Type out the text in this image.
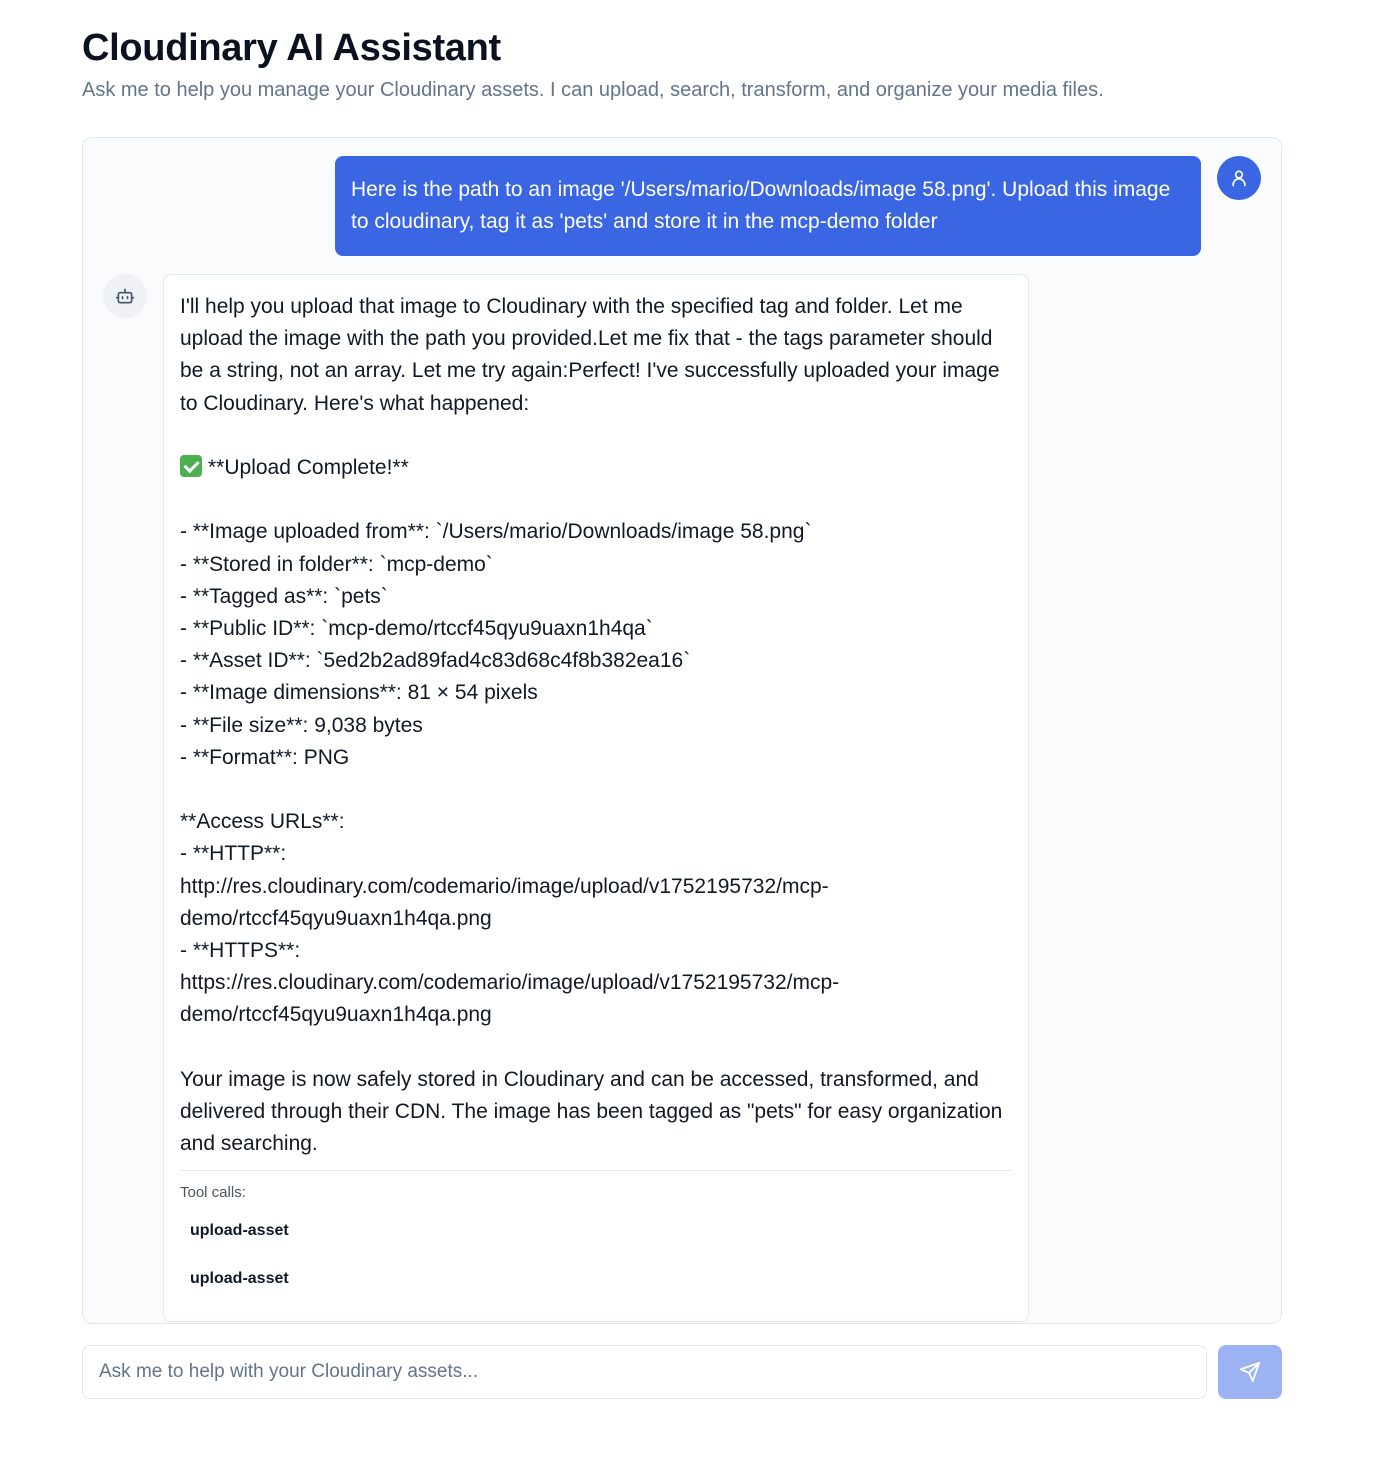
Cloudinary AI Assistant

Ask me to help you manage your Cloudinary assets. I can upload, search, transform, and organize your media files.

Here is the path to an image '/Users/mario/Downloads/image 58.png'. Upload this image to cloudinary, tag it as 'pets' and store it in the mcp-demo folder
I'll help you upload that image to Cloudinary with the specified tag and folder. Let me upload the image with the path you provided.Let me fix that - the tags parameter should be a string, not an array. Let me try again:Perfect! I've successfully uploaded your image to Cloudinary. Here's what happened:

**Upload Complete!**

- **Image uploaded from**: `/Users/mario/Downloads/image 58.png`
- **Stored in folder**: `mcp-demo`
- **Tagged as**: `pets`
- **Public ID**: `mcp-demo/rtccf45qyu9uaxn1h4qa`
- **Asset ID**: `5ed2b2ad89fad4c83d68c4f8b382ea16`
- **Image dimensions**: 81 × 54 pixels
- **File size**: 9,038 bytes
- **Format**: PNG

**Access URLs**:
- **HTTP**:
http://res.cloudinary.com/codemario/image/upload/v1752195732/mcp-demo/rtccf45qyu9uaxn1h4qa.png
- **HTTPS**:
https://res.cloudinary.com/codemario/image/upload/v1752195732/mcp-demo/rtccf45qyu9uaxn1h4qa.png

Your image is now safely stored in Cloudinary and can be accessed, transformed, and delivered through their CDN. The image has been tagged as "pets" for easy organization and searching.
Tool calls:
upload-asset
upload-asset
Ask me to help with your Cloudinary assets...
